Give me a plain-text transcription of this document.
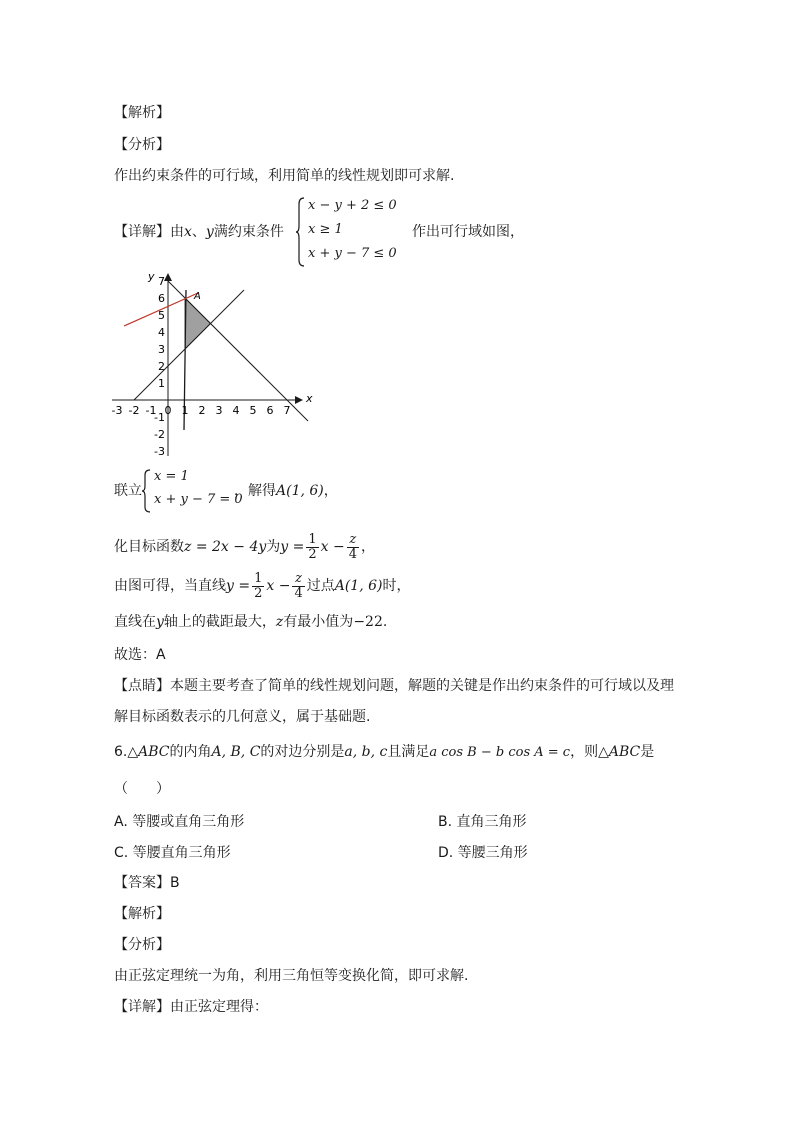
【解析】
【分析】
作出约束条件的可行域，利用简单的线性规划即可求解.
【详解】由x、y满约束条件
x − y + 2 ≤ 0
x ≥ 1
x + y − 7 ≤ 0
作出可行域如图，
A
x
y
-3 -2 -1 0 1 2 3 4 5 6 7
1
2
3
4
5
6
7
-1
-2
-3
联立
x = 1
x + y − 7 = 0
，解得A(1, 6)，
化目标函数z = 2x − 4y为$y = \frac{1}{2}$ $x - \frac{z}{4}$ ，
由图可得，当直线$y = \frac{1}{2}$ $x - \frac{z}{4}$ 过点A(1, 6)时，
直线在y轴上的截距最大，z有最小值为−22.
故选：A
【点睛】本题主要考查了简单的线性规划问题，解题的关键是作出约束条件的可行域以及理
解目标函数表示的几何意义，属于基础题.
6.△ABC的内角A, B, C的对边分别是a, b, c且满足a cos B − b cos A = c，则△ABC是
（　　）
A. 等腰或直角三角形	B. 直角三角形
C. 等腰直角三角形	D. 等腰三角形
【答案】B
【解析】
【分析】
由正弦定理统一为角，利用三角恒等变换化简，即可求解.
【详解】由正弦定理得：
